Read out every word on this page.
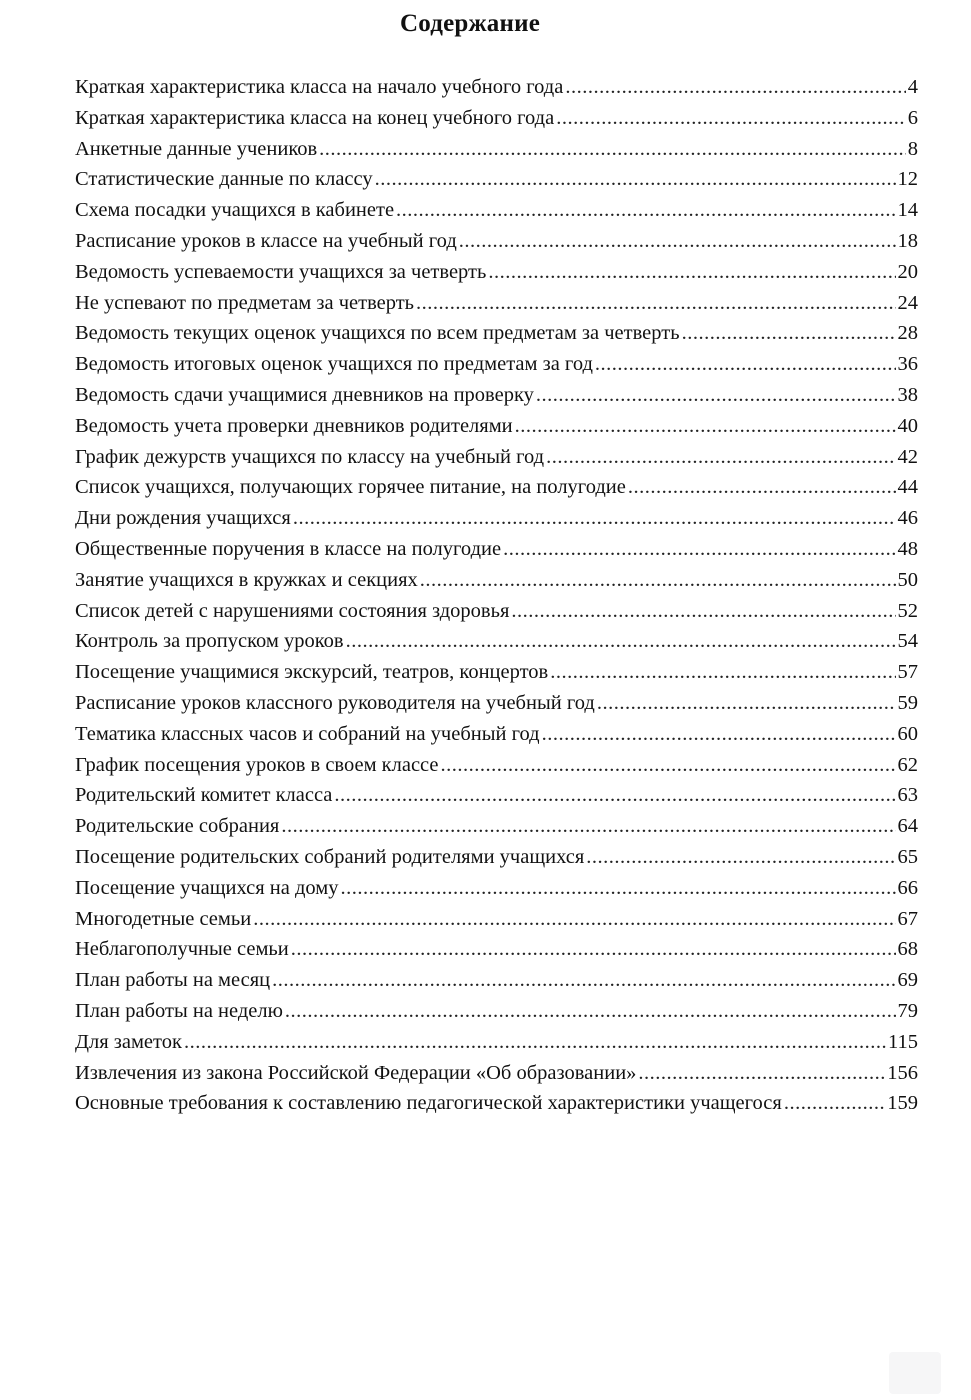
Содержание
Краткая характеристика класса на начало учебного года .....	4
Краткая характеристика класса на конец учебного года .....	6
Анкетные данные учеников .....	8
Статистические данные по классу .....	12
Схема посадки учащихся в кабинете .....	14
Расписание уроков в классе на учебный год .....	18
Ведомость успеваемости учащихся за четверть .....	20
Не успевают по предметам за четверть .....	24
Ведомость текущих оценок учащихся по всем предметам за четверть .....	28
Ведомость итоговых оценок учащихся по предметам за год .....	36
Ведомость сдачи учащимися дневников на проверку .....	38
Ведомость учета проверки дневников родителями .....	40
График дежурств учащихся по классу на учебный год .....	42
Список учащихся, получающих горячее питание, на полугодие .....	44
Дни рождения учащихся .....	46
Общественные поручения в классе на полугодие .....	48
Занятие учащихся в кружках и секциях .....	50
Список детей с нарушениями состояния здоровья .....	52
Контроль за пропуском уроков .....	54
Посещение учащимися экскурсий, театров, концертов .....	57
Расписание уроков классного руководителя на учебный год .....	59
Тематика классных часов и собраний на учебный год .....	60
График посещения уроков в своем классе .....	62
Родительский комитет класса .....	63
Родительские собрания .....	64
Посещение родительских собраний родителями учащихся .....	65
Посещение учащихся на дому .....	66
Многодетные семьи .....	67
Неблагополучные семьи .....	68
План работы на месяц .....	69
План работы на неделю .....	79
Для заметок .....	115
Извлечения из закона Российской Федерации «Об образовании» .....	156
Основные требования к составлению педагогической характеристики учащегося .....	159
